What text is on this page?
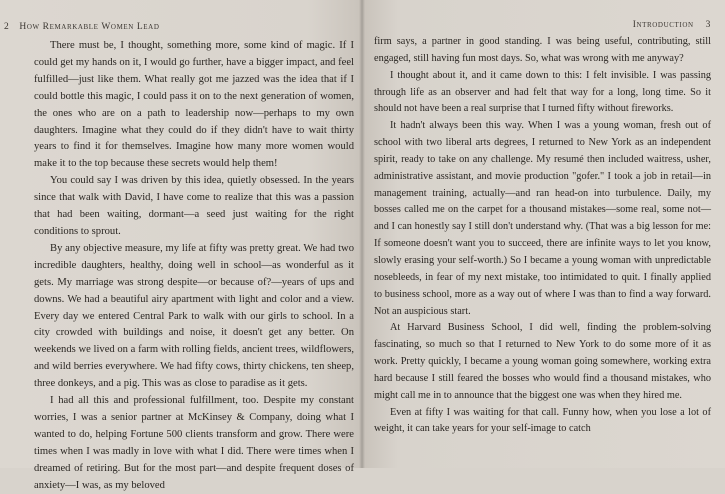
2 How Remarkable Women Lead

There must be, I thought, something more, some kind of magic. If I could get my hands on it, I would go further, have a bigger impact, and feel fulfilled—just like them. What really got me jazzed was the idea that if I could bottle this magic, I could pass it on to the next generation of women, the ones who are on a path to leadership now—perhaps to my own daughters. Imagine what they could do if they didn't have to wait thirty years to find it for themselves. Imagine how many more women would make it to the top because these secrets would help them!

You could say I was driven by this idea, quietly obsessed. In the years since that walk with David, I have come to realize that this was a passion that had been waiting, dormant—a seed just waiting for the right conditions to sprout.

By any objective measure, my life at fifty was pretty great. We had two incredible daughters, healthy, doing well in school—as wonderful as it gets. My marriage was strong despite—or because of?—years of ups and downs. We had a beautiful airy apartment with light and color and a view. Every day we entered Central Park to walk with our girls to school. In a city crowded with buildings and noise, it doesn't get any better. On weekends we lived on a farm with rolling fields, ancient trees, wildflowers, and wild berries everywhere. We had fifty cows, thirty chickens, ten sheep, three donkeys, and a pig. This was as close to paradise as it gets.

I had all this and professional fulfillment, too. Despite my constant worries, I was a senior partner at McKinsey & Company, doing what I wanted to do, helping Fortune 500 clients transform and grow. There were times when I was madly in love with what I did. There were times when I dreamed of retiring. But for the most part—and despite frequent doses of anxiety—I was, as my beloved

Introduction 3

firm says, a partner in good standing. I was being useful, contributing, still engaged, still having fun most days. So, what was wrong with me anyway?

I thought about it, and it came down to this: I felt invisible. I was passing through life as an observer and had felt that way for a long, long time. So it should not have been a real surprise that I turned fifty without fireworks.

It hadn't always been this way. When I was a young woman, fresh out of school with two liberal arts degrees, I returned to New York as an independent spirit, ready to take on any challenge. My resumé then included waitress, usher, administrative assistant, and movie production "gofer." I took a job in retail—in management training, actually—and ran head-on into turbulence. Daily, my bosses called me on the carpet for a thousand mistakes—some real, some not—and I can honestly say I still don't understand why. (That was a big lesson for me: If someone doesn't want you to succeed, there are infinite ways to let you know, slowly erasing your self-worth.) So I became a young woman with unpredictable nosebleeds, in fear of my next mistake, too intimidated to quit. I finally applied to business school, more as a way out of where I was than to find a way forward. Not an auspicious start.

At Harvard Business School, I did well, finding the problem-solving fascinating, so much so that I returned to New York to do some more of it as work. Pretty quickly, I became a young woman going somewhere, working extra hard because I still feared the bosses who would find a thousand mistakes, who might call me in to announce that the biggest one was when they hired me.

Even at fifty I was waiting for that call. Funny how, when you lose a lot of weight, it can take years for your self-image to catch
